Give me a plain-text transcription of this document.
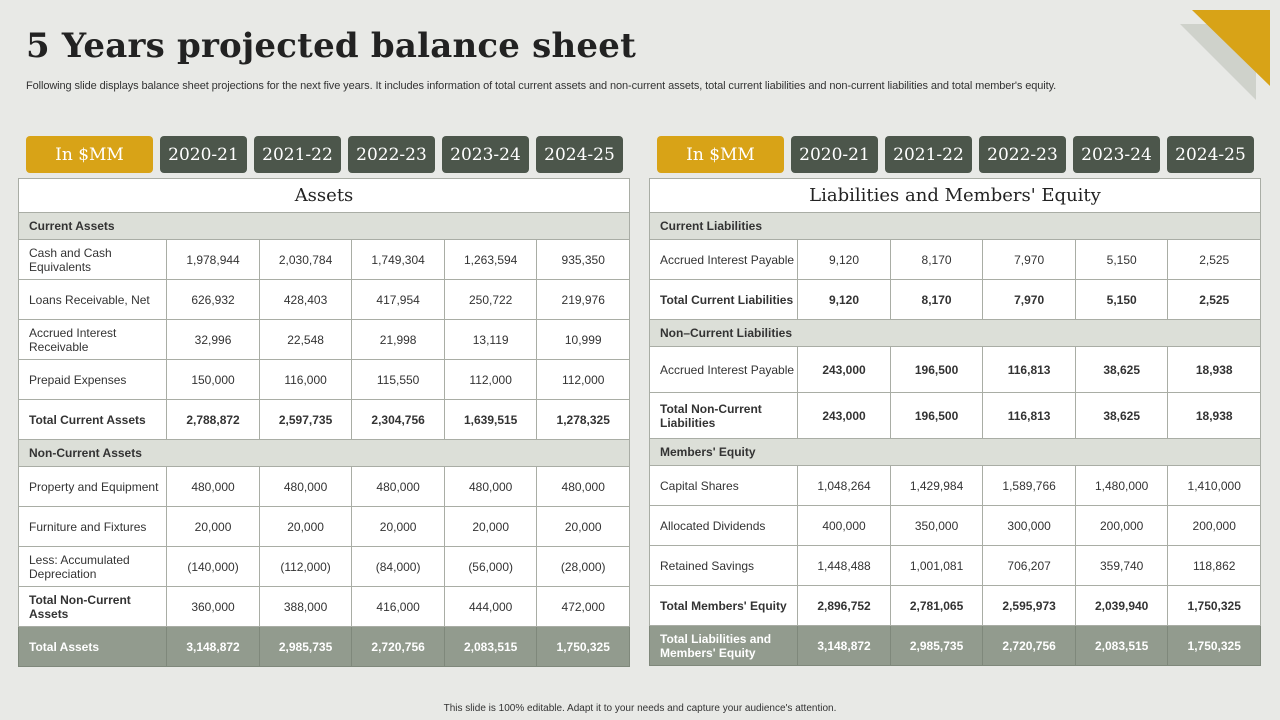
5 Years projected balance sheet

Following slide displays balance sheet projections for the next five years. It includes information of total current assets and non-current assets, total current liabilities and non-current liabilities and total member's equity.

In $MM	2020-21	2021-22	2022-23	2023-24	2024-25
Assets					
Current Assets					
Cash and Cash Equivalents	1,978,944	2,030,784	1,749,304	1,263,594	935,350
Loans Receivable, Net	626,932	428,403	417,954	250,722	219,976
Accrued Interest Receivable	32,996	22,548	21,998	13,119	10,999
Prepaid Expenses	150,000	116,000	115,550	112,000	112,000
Total Current Assets	2,788,872	2,597,735	2,304,756	1,639,515	1,278,325
Non-Current Assets					
Property and Equipment	480,000	480,000	480,000	480,000	480,000
Furniture and Fixtures	20,000	20,000	20,000	20,000	20,000
Less: Accumulated Depreciation	(140,000)	(112,000)	(84,000)	(56,000)	(28,000)
Total Non-Current Assets	360,000	388,000	416,000	444,000	472,000
Total Assets	3,148,872	2,985,735	2,720,756	2,083,515	1,750,325
In $MM	2020-21	2021-22	2022-23	2023-24	2024-25
Liabilities and Members' Equity					
Current Liabilities					
Accrued Interest Payable	9,120	8,170	7,970	5,150	2,525
Total Current Liabilities	9,120	8,170	7,970	5,150	2,525
Non–Current Liabilities					
Accrued Interest Payable	243,000	196,500	116,813	38,625	18,938
Total Non-Current Liabilities	243,000	196,500	116,813	38,625	18,938
Members' Equity					
Capital Shares	1,048,264	1,429,984	1,589,766	1,480,000	1,410,000
Allocated Dividends	400,000	350,000	300,000	200,000	200,000
Retained Savings	1,448,488	1,001,081	706,207	359,740	118,862
Total Members' Equity	2,896,752	2,781,065	2,595,973	2,039,940	1,750,325
Total Liabilities and Members' Equity	3,148,872	2,985,735	2,720,756	2,083,515	1,750,325
This slide is 100% editable. Adapt it to your needs and capture your audience's attention.
